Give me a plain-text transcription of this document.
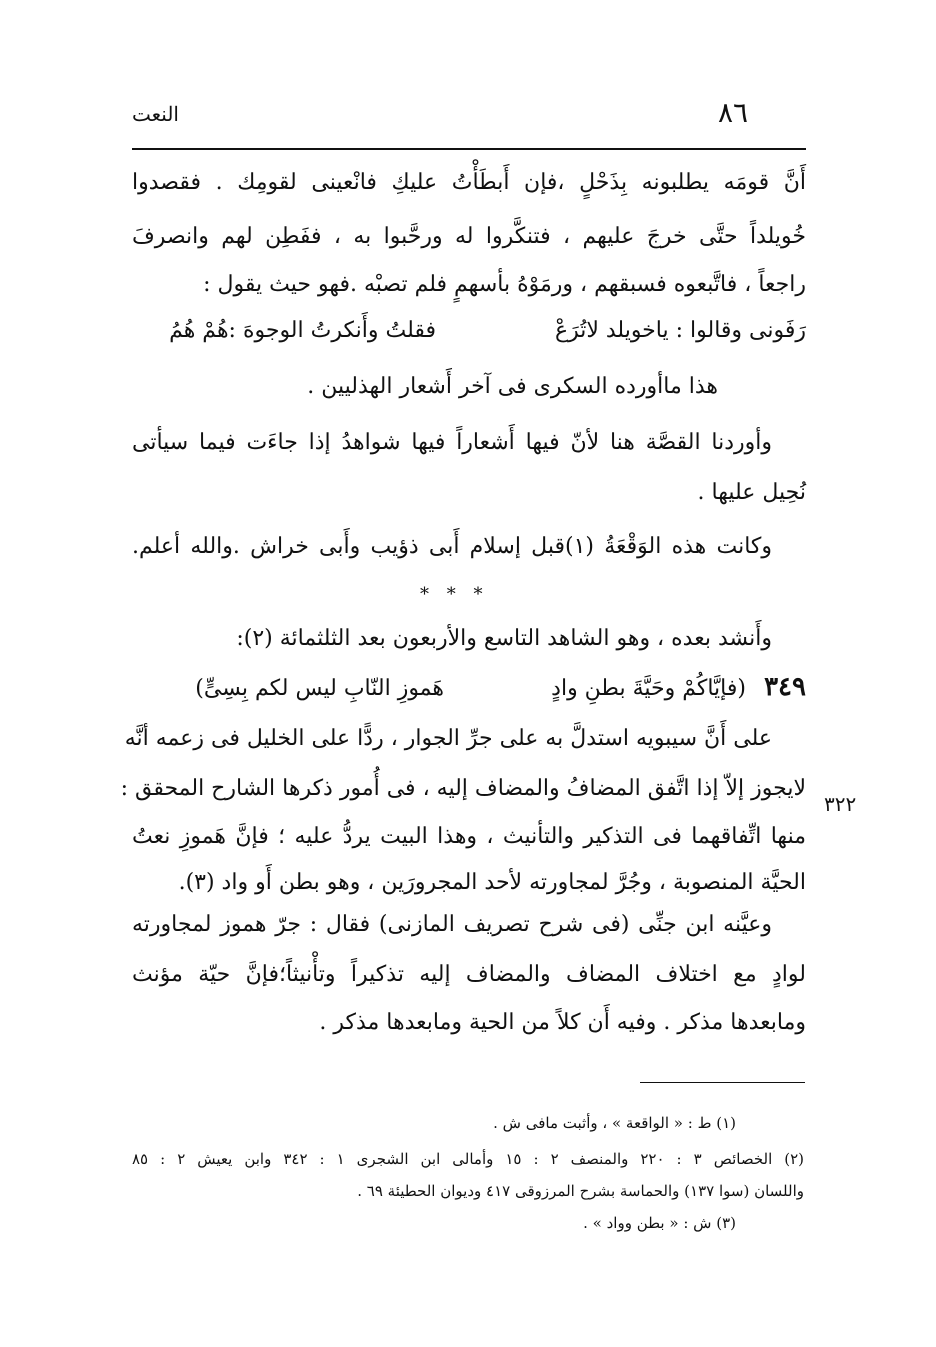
٨٦
النعت
أَنَّ قومَه يطلبونه بِذَحْلٍ ،فإن أَبطَأْتُ عليكِ فانْعينى لقومِك . فقصدوا
خُويلداً حتَّى خرجَ عليهم ، فتنكَّروا له ورحَّبوا به ، ففَطِن لهم وانصرفَ
راجعاً ، فاتَّبعوه فسبقهم ، ورمَوْهُ بأسهمٍ فلم تصبْه .فهو حيث يقول :
رَفَونى وقالوا : ياخويلد لاتُرَعْ
فقلتُ وأَنكرتُ الوجوهَ :هُمْ هُمُ
هذا ماأورده السكرى فى آخر أَشعار الهذليين .
وأوردنا القصَّة هنا لأنّ فيها أَشعاراً فيها شواهدُ إذا جاءَت فيما سيأتى
نُحِيل عليها .
وكانت هذه الوَقْعَةُ (١)قبل إسلام أَبى ذؤيب وأَبى خراش .والله أعلم.
* * *
وأَنشد بعده ، وهو الشاهد التاسع والأربعون بعد الثلثمائة (٢):
٣٤٩
(فإيَّاكُمْ وحَيَّةَ بطنِ وادٍ
هَموزِ النّابِ ليس لكم بِسِىٍّ)
على أَنَّ سيبويه استدلَّ به على جرِّ الجوار ، ردًّا على الخليل فى زعمه أنَّه
٣٢٢
لايجوز إلاّ إذا اتَّفق المضافُ والمضاف إليه ، فى أُمور ذكرها الشارح المحقق :
منها اتِّفاقهما فى التذكير والتأنيث ، وهذا البيت يردُّ عليه ؛ فإنَّ هَموزِ نعتُ
الحيَّة المنصوبة ، وجُرَّ لمجاورته لأحد المجرورَين ، وهو بطن أَو واد (٣).
وعيَّنه ابن جنِّى (فى شرح تصريف المازنى) فقال : جرّ هموز لمجاورته
لوادٍ مع اختلاف المضاف والمضاف إليه تذكيراً وتأْنيثاً؛فإنَّ حيّة مؤنث
ومابعدها مذكر . وفيه أَن كلاً من الحية ومابعدها مذكر .
(١) ط : « الواقعة » ، وأثبت مافى ش .
(٢) الخصائص ٣ : ٢٢٠ والمنصف ٢ : ١٥ وأمالى ابن الشجرى ١ : ٣٤٢ وابن يعيش ٢ : ٨٥
واللسان (سوا ١٣٧) والحماسة بشرح المرزوقى ٤١٧ وديوان الحطيئة ٦٩ .
(٣) ش : « بطن وواد » .
